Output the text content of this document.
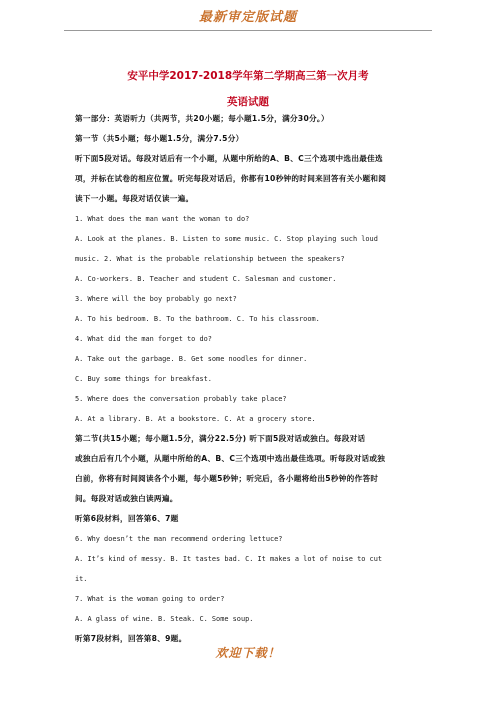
最新审定版试题
安平中学2017-2018学年第二学期高三第一次月考
英语试题
第一部分：英语听力（共两节，共20小题；每小题1.5分，满分30分。）
第一节（共5小题；每小题1.5分，满分7.5分）
听下面5段对话。每段对话后有一个小题，从题中所给的A、B、C三个选项中选出最佳选
项，并标在试卷的相应位置。听完每段对话后，你都有10秒钟的时间来回答有关小题和阅
读下一小题。每段对话仅读一遍。
1. What does the man want the woman to do?
A. Look at the planes. B. Listen to some music. C. Stop playing such loud
music. 2. What is the probable relationship between the speakers?
A. Co-workers. B. Teacher and student C. Salesman and customer.
3. Where will the boy probably go next?
A. To his bedroom. B. To the bathroom. C. To his classroom.
4. What did the man forget to do?
A. Take out the garbage. B. Get some noodles for dinner.
C. Buy some things for breakfast.
5. Where does the conversation probably take place?
A. At a library. B. At a bookstore. C. At a grocery store.
第二节(共15小题；每小题1.5分，满分22.5分) 听下面5段对话或独白。每段对话
或独白后有几个小题，从题中所给的A、B、C三个选项中选出最佳选项。听每段对话或独
白前，你将有时间阅读各个小题，每小题5秒钟；听完后，各小题将给出5秒钟的作答时
间。每段对话或独白读两遍。
听第6段材料，回答第6、7题
6. Why doesn’t the man recommend ordering lettuce?
A. It’s kind of messy. B. It tastes bad. C. It makes a lot of noise to cut
it.
7. What is the woman going to order?
A. A glass of wine. B. Steak. C. Some soup.
听第7段材料，回答第8、9题。
欢迎下载！
